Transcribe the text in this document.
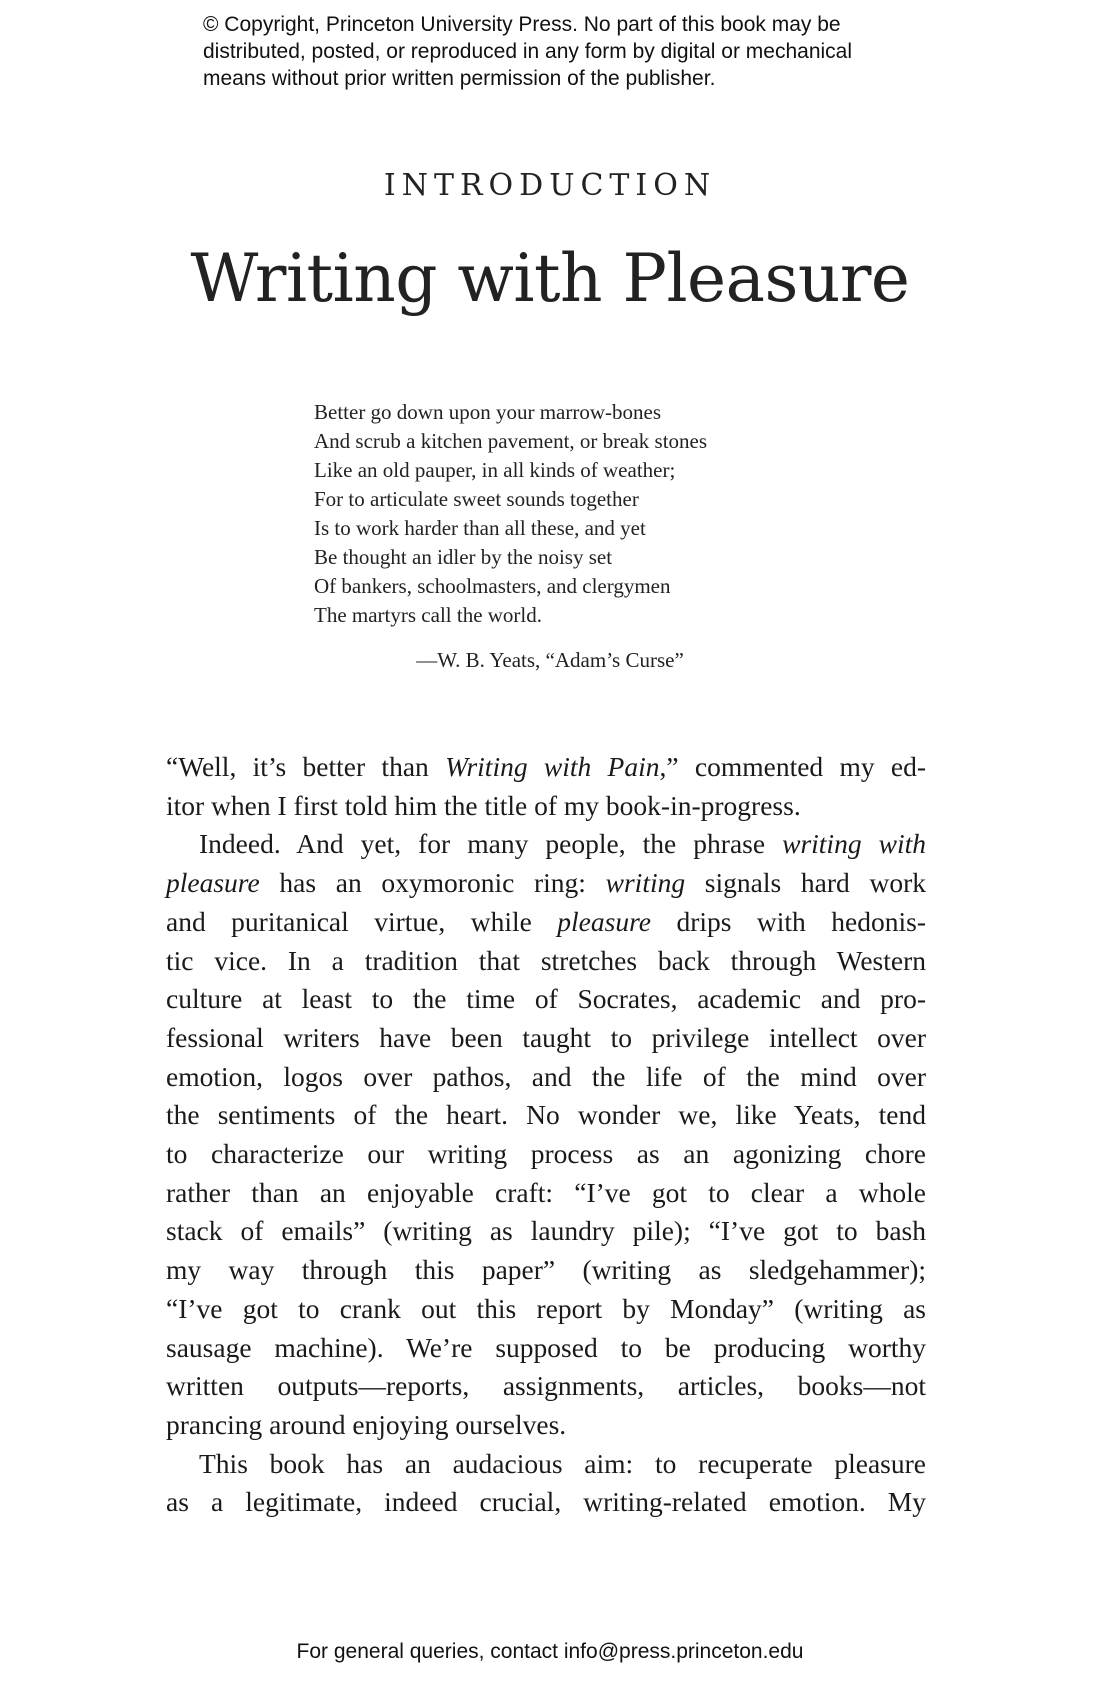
© Copyright, Princeton University Press. No part of this book may be
distributed, posted, or reproduced in any form by digital or mechanical
means without prior written permission of the publisher.
INTRODUCTION
Writing with Pleasure
Better go down upon your marrow-bones
And scrub a kitchen pavement, or break stones
Like an old pauper, in all kinds of weather;
For to articulate sweet sounds together
Is to work harder than all these, and yet
Be thought an idler by the noisy set
Of bankers, schoolmasters, and clergymen
The martyrs call the world.
—W. B. Yeats, “Adam’s Curse”
“Well, it’s better than Writing with Pain,” commented my ed-
itor when I first told him the title of my book-in-progress.
Indeed. And yet, for many people, the phrase writing with
pleasure has an oxymoronic ring: writing signals hard work
and puritanical virtue, while pleasure drips with hedonis-
tic vice. In a tradition that stretches back through Western
culture at least to the time of Socrates, academic and pro-
fessional writers have been taught to privilege intellect over
emotion, logos over pathos, and the life of the mind over
the sentiments of the heart. No wonder we, like Yeats, tend
to characterize our writing process as an agonizing chore
rather than an enjoyable craft: “I’ve got to clear a whole
stack of emails” (writing as laundry pile); “I’ve got to bash
my way through this paper” (writing as sledgehammer);
“I’ve got to crank out this report by Monday” (writing as
sausage machine). We’re supposed to be producing worthy
written outputs—reports, assignments, articles, books—not
prancing around enjoying ourselves.
This book has an audacious aim: to recuperate pleasure
as a legitimate, indeed crucial, writing-related emotion. My
For general queries, contact info@press.princeton.edu
